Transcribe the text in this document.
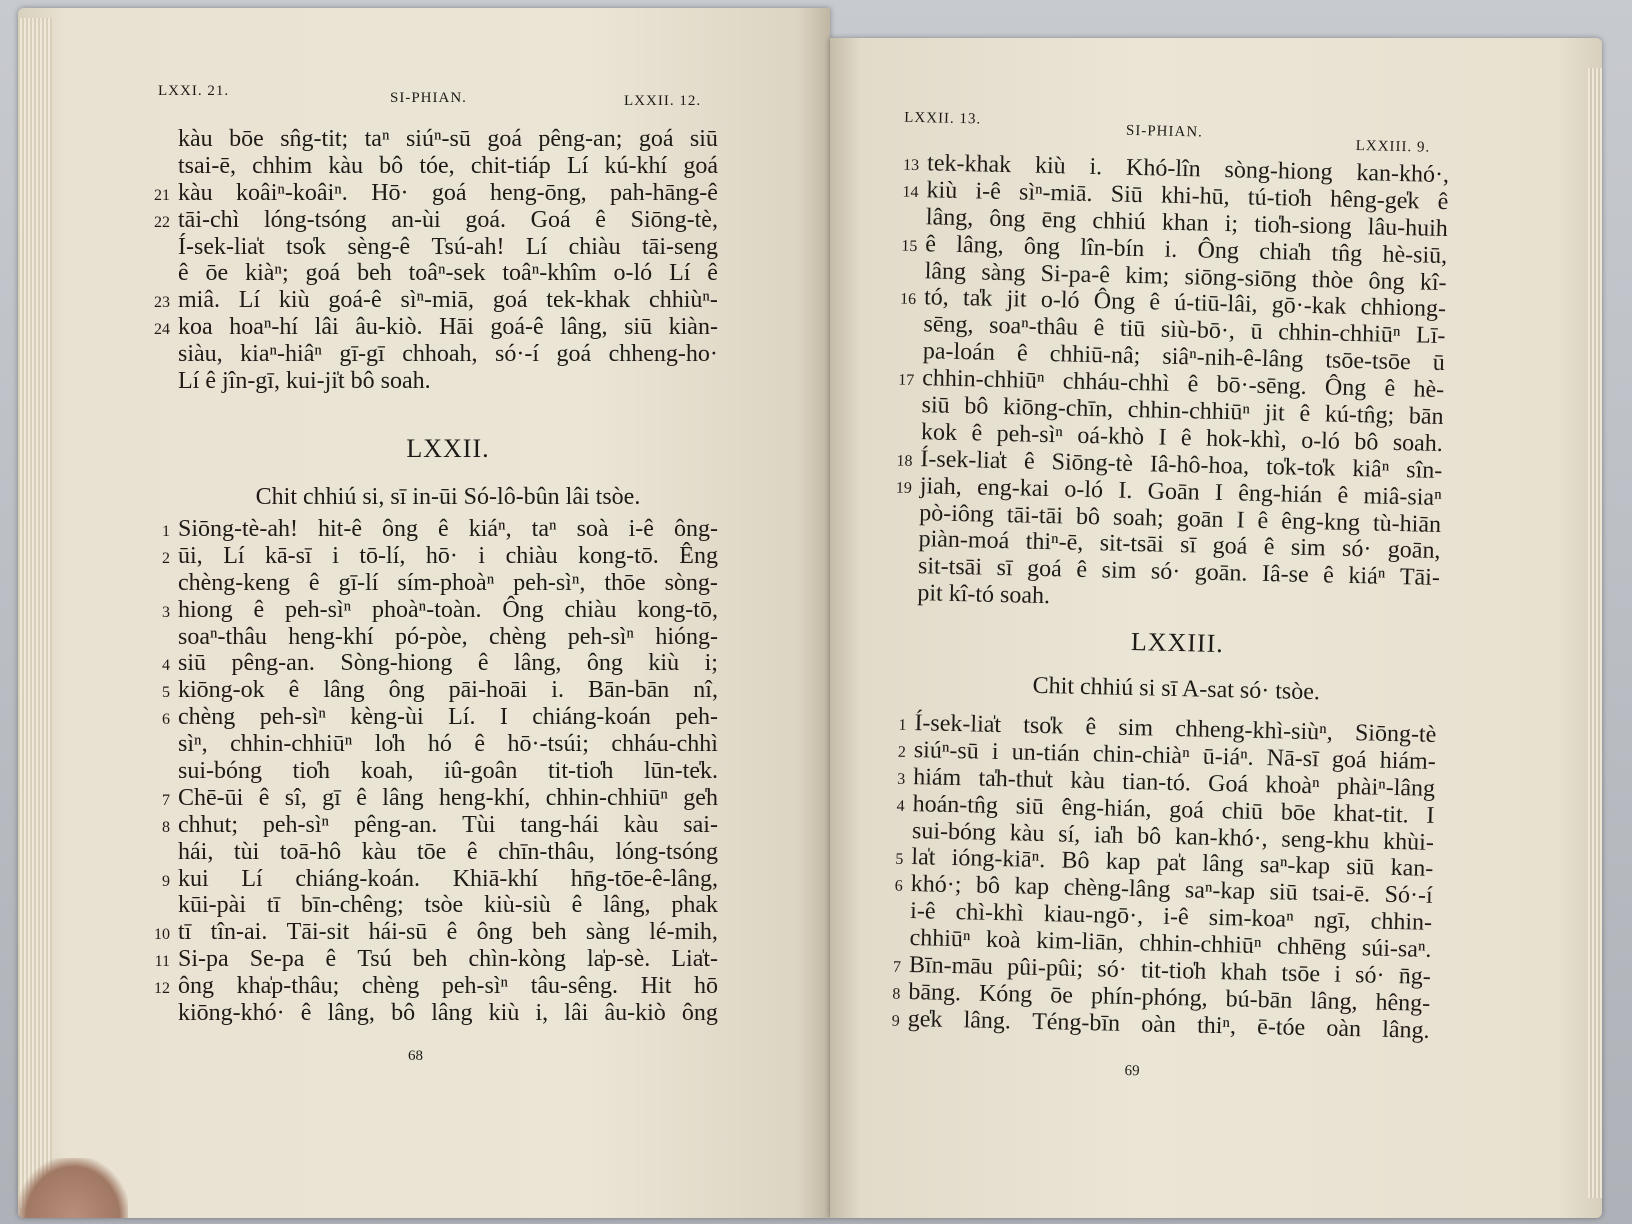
LXXI. 21.	SI-PHIAN.	LXXII. 12.
kàu bōe sn̂g-tit; taⁿ siúⁿ-sū goá pêng-an; goá siū
tsai-ē, chhim kàu bô tóe, chit-tiáp Lí kú-khí goá
21 kàu koâiⁿ-koâiⁿ. Hō· goá heng-ōng, pah-hāng-ê
22 tāi-chì lóng-tsóng an-ùi goá. Goá ê Siōng-tè,
Í-sek-lia̍t tso̍k sèng-ê Tsú-ah! Lí chiàu tāi-seng
ê ōe kiàⁿ; goá beh toâⁿ-sek toâⁿ-khîm o-ló Lí ê
23 miâ. Lí kiù goá-ê sìⁿ-miā, goá tek-khak chhiùⁿ-
24 koa hoaⁿ-hí lâi âu-kiò. Hāi goá-ê lâng, siū kiàn-
siàu, kiaⁿ-hiâⁿ gī-gī chhoah, só·-í goá chheng-ho·
Lí ê jîn-gī, kui-ji̍t bô soah.
LXXII.
Chit chhiú si, sī in-ūi Só-lô-bûn lâi tsòe.
1 Siōng-tè-ah! hit-ê ông ê kiáⁿ, taⁿ soà i-ê ông-
2 ūi, Lí kā-sī i tō-lí, hō· i chiàu kong-tō. Êng
chèng-keng ê gī-lí sím-phoàⁿ peh-sìⁿ, thōe sòng-
3 hiong ê peh-sìⁿ phoàⁿ-toàn. Ông chiàu kong-tō,
soaⁿ-thâu heng-khí pó-pòe, chèng peh-sìⁿ hióng-
4 siū pêng-an. Sòng-hiong ê lâng, ông kiù i;
5 kiōng-ok ê lâng ông pāi-hoāi i. Bān-bān nî,
6 chèng peh-sìⁿ kèng-ùi Lí. I chiáng-koán peh-
sìⁿ, chhin-chhiūⁿ lo̍h hó ê hō·-tsúi; chháu-chhì
sui-bóng tio̍h koah, iû-goân tit-tio̍h lūn-te̍k.
7 Chē-ūi ê sî, gī ê lâng heng-khí, chhin-chhiūⁿ ge̍h
8 chhut; peh-sìⁿ pêng-an. Tùi tang-hái kàu sai-
hái, tùi toā-hô kàu tōe ê chīn-thâu, lóng-tsóng
9 kui Lí chiáng-koán. Khiā-khí hn̄g-tōe-ê-lâng,
kūi-pài tī bīn-chêng; tsòe kiù-siù ê lâng, phak
10 tī tîn-ai. Tāi-sit hái-sū ê ông beh sàng lé-mih,
11 Si-pa Se-pa ê Tsú beh chìn-kòng la̍p-sè. Lia̍t-
12 ông kha̍p-thâu; chèng peh-sìⁿ tâu-sêng. Hit hō
kiōng-khó· ê lâng, bô lâng kiù i, lâi âu-kiò ông
68
LXXII. 13.
SI-PHIAN.
LXXIII. 9.
13 tek-khak kiù i. Khó-lîn sòng-hiong kan-khó·,
14 kiù i-ê sìⁿ-miā. Siū khi-hū, tú-tio̍h hêng-ge̍k ê
lâng, ông ēng chhiú khan i; tio̍h-siong lâu-huih
15 ê lâng, ông lîn-bín i. Ông chia̍h tn̂g hè-siū,
lâng sàng Si-pa-ê kim; siōng-siōng thòe ông kî-
16 tó, ta̍k jit o-ló Ông ê ú-tiū-lâi, gō·-kak chhiong-
sēng, soaⁿ-thâu ê tiū siù-bō·, ū chhin-chhiūⁿ Lī-
pa-loán ê chhiū-nâ; siâⁿ-nih-ê-lâng tsōe-tsōe ū
17 chhin-chhiūⁿ chháu-chhì ê bō·-sēng. Ông ê hè-
siū bô kiōng-chīn, chhin-chhiūⁿ jit ê kú-tn̂g; bān
kok ê peh-sìⁿ oá-khò I ê hok-khì, o-ló bô soah.
18 Í-sek-lia̍t ê Siōng-tè Iâ-hô-hoa, to̍k-to̍k kiâⁿ sîn-
19 jiah, eng-kai o-ló I. Goān I êng-hián ê miâ-siaⁿ
pò-iông tāi-tāi bô soah; goān I ê êng-kng tù-hiān
piàn-moá thiⁿ-ē, sit-tsāi sī goá ê sim só· goān,
sit-tsāi sī goá ê sim só· goān. Iâ-se ê kiáⁿ Tāi-
pit kî-tó soah.
LXXIII.
Chit chhiú si sī A-sat só· tsòe.
1 Í-sek-lia̍t tso̍k ê sim chheng-khì-siùⁿ, Siōng-tè
2 siúⁿ-sū i un-tián chin-chiàⁿ ū-iáⁿ. Nā-sī goá hiám-
3 hiám ta̍h-thu̍t kàu tian-tó. Goá khoàⁿ phàiⁿ-lâng
4 hoán-tn̂g siū êng-hián, goá chiū bōe khat-tit. I
sui-bóng kàu sí, ia̍h bô kan-khó·, seng-khu khùi-
5 la̍t ióng-kiāⁿ. Bô kap pa̍t lâng saⁿ-kap siū kan-
6 khó·; bô kap chèng-lâng saⁿ-kap siū tsai-ē. Só·-í
i-ê chì-khì kiau-ngō·, i-ê sim-koaⁿ ngī, chhin-
chhiūⁿ koà kim-liān, chhin-chhiūⁿ chhēng súi-saⁿ.
7 Bīn-māu pûi-pûi; só· tit-tio̍h khah tsōe i só· n̄g-
8 bāng. Kóng ōe phín-phóng, bú-bān lâng, hêng-
9 ge̍k lâng. Téng-bīn oàn thiⁿ, ē-tóe oàn lâng.
69
